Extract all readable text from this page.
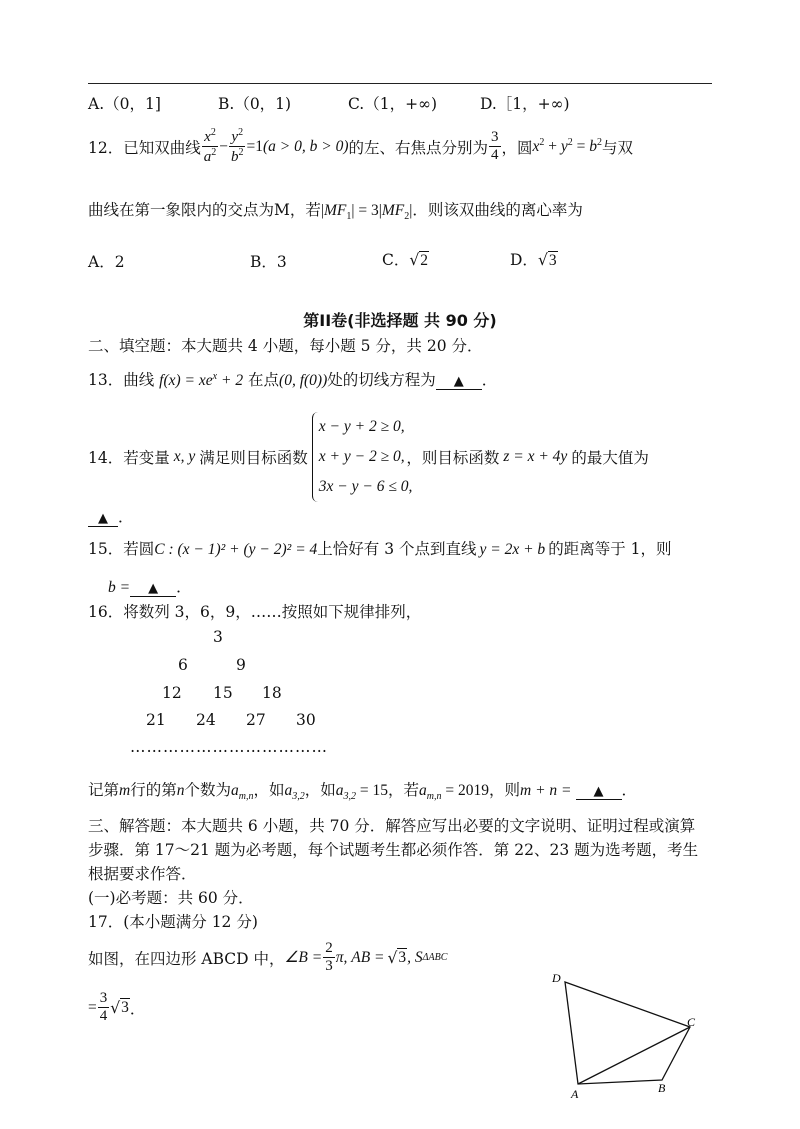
A.（0，1]	B.（0，1)	C.（1，+∞)	D.［1，+∞)
12．已知双曲线 $\frac{x^2}{a^2} - \frac{y^2}{b^2} =1$ (a > 0, b > 0) 的左、右焦点分别为 $\frac{3}{4}$ ，圆 $x^2 + y^2 = b^2$ 与双
曲线在第一象限内的交点为M，若$|MF_1| = 3|MF_2|$．则该双曲线的离心率为
A．2	B．3	C．√2	D．√3
第II卷(非选择题 共 90 分)
二、填空题：本大题共 4 小题，每小题 5 分，共 20 分．
13．曲线 $f(x) = xe^x + 2$ 在点(0, f(0))处的切线方程为 ▲ ．
14．若变量 x, y 满足则目标函数
x − y + 2 ≥ 0,
x + y − 2 ≥ 0,
3x − y − 6 ≤ 0,
，则目标函数 z = x + 4y 的最大值为
▲ ．
15．若圆C : (x − 1)² + (y − 2)² = 4上恰好有 3 个点到直线 y = 2x + b 的距离等于 1，则
b = ▲ ．
16．将数列 3，6，9，……按照如下规律排列，
3
6	9
12 15 18
21 24 27 30
………………………………
记第m行的第n个数为$a_{m,n}$，如$a_{3,2}$，如$a_{3,2} = 15$，若$a_{m,n} = 2019$，则m + n = ▲ ．
三、解答题：本大题共 6 小题，共 70 分．解答应写出必要的文字说明、证明过程或演算
步骤．第 17～21 题为必考题，每个试题考生都必须作答．第 22、23 题为选考题，考生
根据要求作答．
(一)必考题：共 60 分．
17．(本小题满分 12 分)
如图，在四边形 ABCD 中， ∠B = $\frac{2}{3} \pi$, AB = √ 3 , S ΔABC
= $\frac{3}{4}$ √ 3 ．
D
C
A	B
